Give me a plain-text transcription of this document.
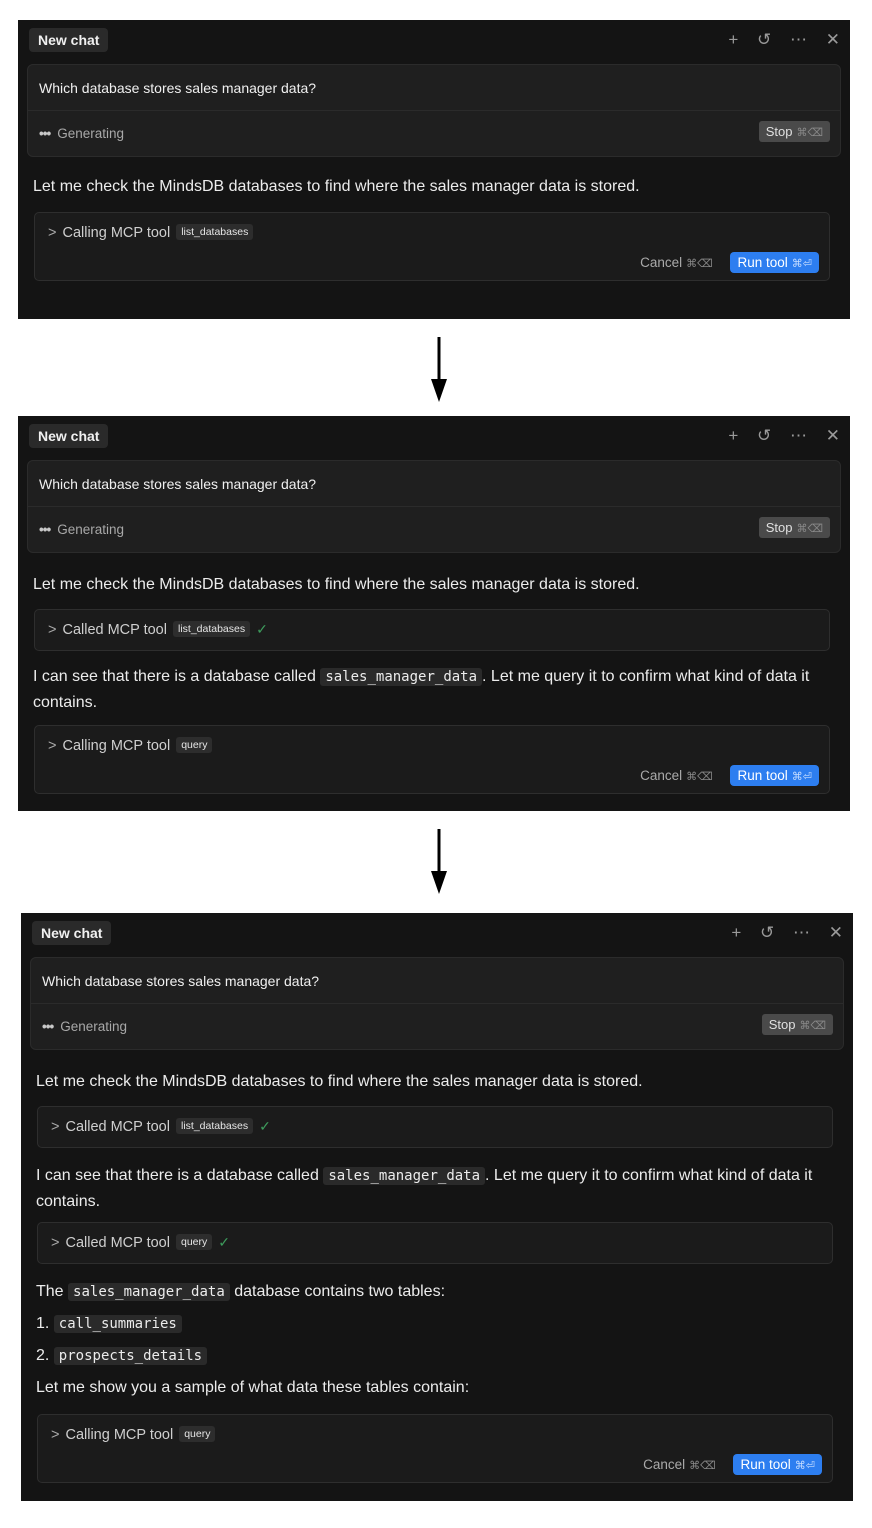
New chat	+ ↺ ⋯ ✕
Which database stores sales manager data?
••• Generating	Stop ⌘⌫
Let me check the MindsDB databases to find where the sales manager data is stored.
> Calling MCP tool list_databases
Cancel ⌘⌫ Run tool ⌘⏎
New chat	+ ↺ ⋯ ✕
Which database stores sales manager data?
••• Generating	Stop ⌘⌫
Let me check the MindsDB databases to find where the sales manager data is stored.
> Called MCP tool list_databases ✓
I can see that there is a database called sales_manager_data . Let me query it to confirm what kind of data it contains.
> Calling MCP tool query
Cancel ⌘⌫ Run tool ⌘⏎
New chat	+ ↺ ⋯ ✕
Which database stores sales manager data?
••• Generating	Stop ⌘⌫
Let me check the MindsDB databases to find where the sales manager data is stored.
> Called MCP tool list_databases ✓
I can see that there is a database called sales_manager_data . Let me query it to confirm what kind of data it contains.
> Called MCP tool query ✓
The sales_manager_data database contains two tables:
1. call_summaries
2. prospects_details
Let me show you a sample of what data these tables contain:
> Calling MCP tool query
Cancel ⌘⌫ Run tool ⌘⏎
